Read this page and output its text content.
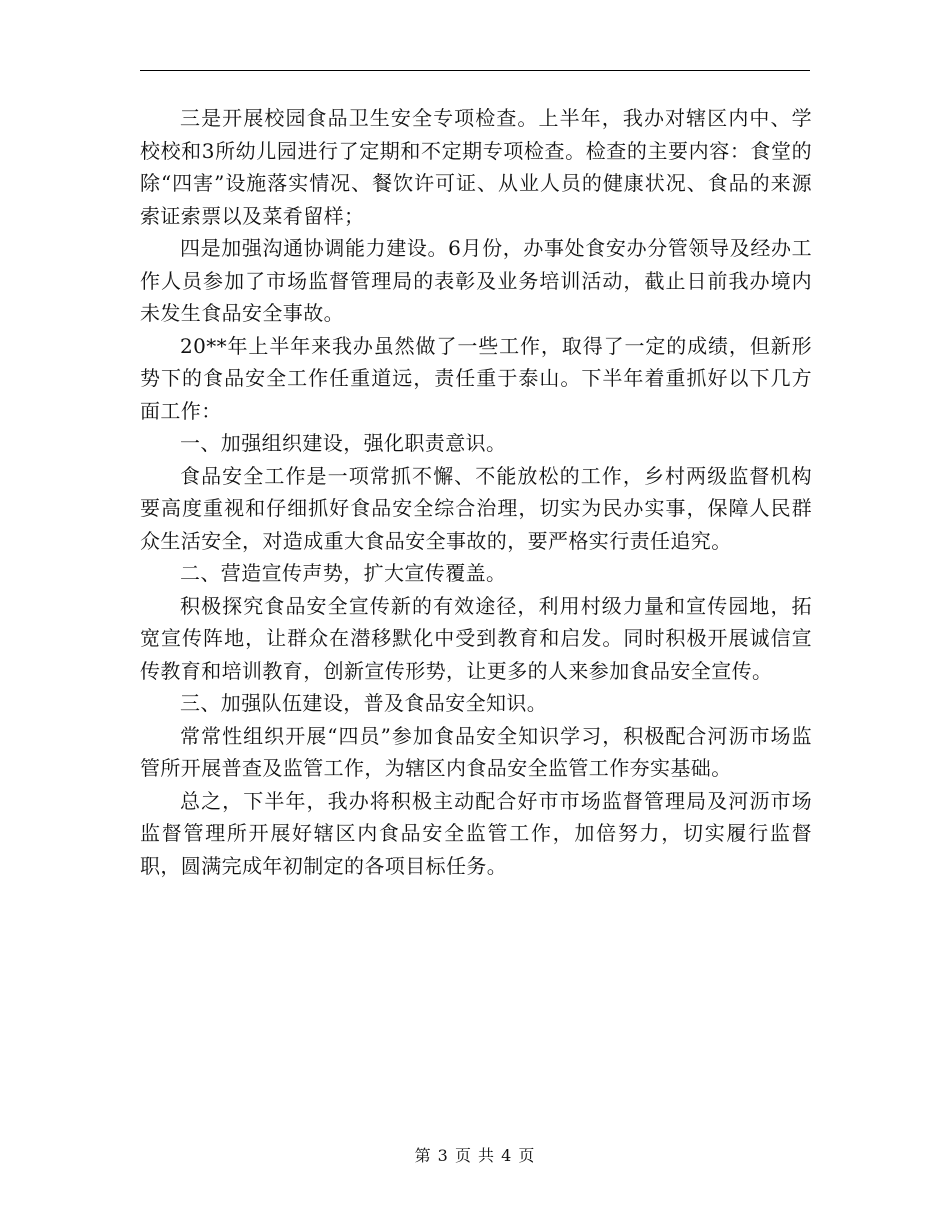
三是开展校园食品卫生安全专项检查。上半年，我办对辖区内中、学校校和3所幼儿园进行了定期和不定期专项检查。检查的主要内容：食堂的除“四害”设施落实情况、餐饮许可证、从业人员的健康状况、食品的来源索证索票以及菜肴留样；

四是加强沟通协调能力建设。6月份，办事处食安办分管领导及经办工作人员参加了市场监督管理局的表彰及业务培训活动，截止日前我办境内未发生食品安全事故。

20**年上半年来我办虽然做了一些工作，取得了一定的成绩，但新形势下的食品安全工作任重道远，责任重于泰山。下半年着重抓好以下几方面工作：

一、加强组织建设，强化职责意识。

食品安全工作是一项常抓不懈、不能放松的工作，乡村两级监督机构要高度重视和仔细抓好食品安全综合治理，切实为民办实事，保障人民群众生活安全，对造成重大食品安全事故的，要严格实行责任追究。

二、营造宣传声势，扩大宣传覆盖。

积极探究食品安全宣传新的有效途径，利用村级力量和宣传园地，拓宽宣传阵地，让群众在潜移默化中受到教育和启发。同时积极开展诚信宣传教育和培训教育，创新宣传形势，让更多的人来参加食品安全宣传。

三、加强队伍建设，普及食品安全知识。

常常性组织开展“四员”参加食品安全知识学习，积极配合河沥市场监管所开展普查及监管工作，为辖区内食品安全监管工作夯实基础。

总之，下半年，我办将积极主动配合好市市场监督管理局及河沥市场监督管理所开展好辖区内食品安全监管工作，加倍努力，切实履行监督职，圆满完成年初制定的各项目标任务。

第 3 页 共 4 页
